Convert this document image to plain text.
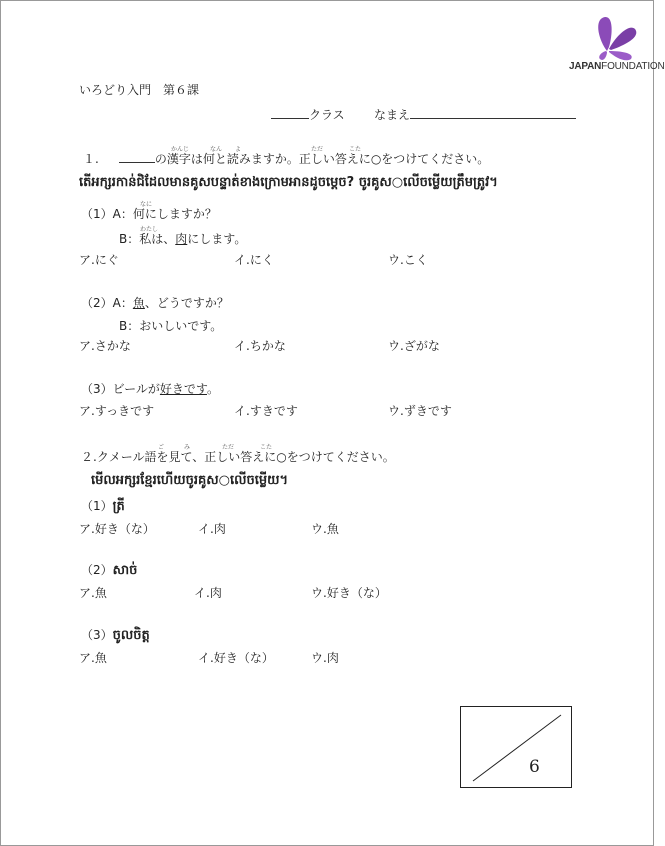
JAPANFOUNDATION
いろどり入門　第６課
クラス なまえ
かんじ	なん よ	ただ	こた
１.	の漢字は何と読みますか。正しい答えに○をつけてください。
តើអក្សរកាន់ជិដែលមានគូសបន្ទាត់ខាងក្រោមអានដូចម្ដេច? ចូរគូស○លើចម្លើយត្រឹមត្រូវ។
なに
（1）A：何にしますか？
わたし
B：私は、肉にします。
ア.にぐ	イ.にく	ウ.こく
（2）A：魚、どうですか？
B：おいしいです。
ア.さかな	イ.ちかな	ウ.ざがな
（3）ビールが好きです。
ア.すっきです	イ.すきです	ウ.ずきです
ご	み	ただ	こた
２.クメール語を見て、正しい答えに○をつけてください。
មើលអក្សរខ្មែរហើយចូរគូស○លើចម្លើយ។
（1）ត្រី
ア.好き（な）	イ.肉	ウ.魚
（2）សាច់
ア.魚	イ.肉	ウ.好き（な）
（3）ចូលចិត្ត
ア.魚	イ.好き（な）	ウ.肉
6
